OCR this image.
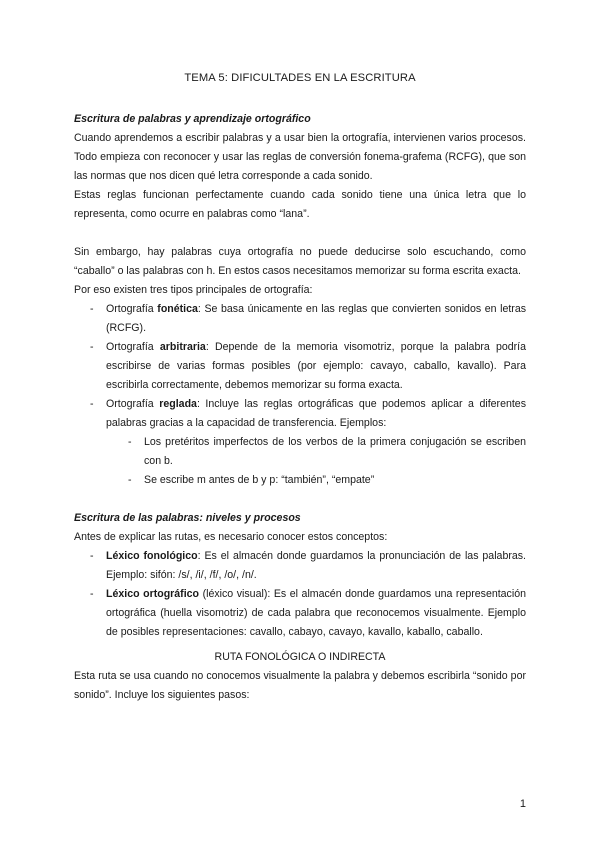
TEMA 5: DIFICULTADES EN LA ESCRITURA

Escritura de palabras y aprendizaje ortográfico

Cuando aprendemos a escribir palabras y a usar bien la ortografía, intervienen varios procesos. Todo empieza con reconocer y usar las reglas de conversión fonema-grafema (RCFG), que son las normas que nos dicen qué letra corresponde a cada sonido.

Estas reglas funcionan perfectamente cuando cada sonido tiene una única letra que lo representa, como ocurre en palabras como “lana”.

Sin embargo, hay palabras cuya ortografía no puede deducirse solo escuchando, como “caballo” o las palabras con h. En estos casos necesitamos memorizar su forma escrita exacta.

Por eso existen tres tipos principales de ortografía:

- Ortografía fonética: Se basa únicamente en las reglas que convierten sonidos en letras (RCFG).
- Ortografía arbitraria: Depende de la memoria visomotriz, porque la palabra podría escribirse de varias formas posibles (por ejemplo: cavayo, caballo, kavallo). Para escribirla correctamente, debemos memorizar su forma exacta.
- Ortografía reglada: Incluye las reglas ortográficas que podemos aplicar a diferentes palabras gracias a la capacidad de transferencia. Ejemplos:
- Los pretéritos imperfectos de los verbos de la primera conjugación se escriben con b.
- Se escribe m antes de b y p: “también”, “empate”

Escritura de las palabras: niveles y procesos

Antes de explicar las rutas, es necesario conocer estos conceptos:

- Léxico fonológico: Es el almacén donde guardamos la pronunciación de las palabras. Ejemplo: sifón: /s/, /i/, /f/, /o/, /n/.
- Léxico ortográfico (léxico visual): Es el almacén donde guardamos una representación ortográfica (huella visomotriz) de cada palabra que reconocemos visualmente. Ejemplo de posibles representaciones: cavallo, cabayo, cavayo, kavallo, kaballo, caballo.

RUTA FONOLÓGICA O INDIRECTA

Esta ruta se usa cuando no conocemos visualmente la palabra y debemos escribirla “sonido por sonido”. Incluye los siguientes pasos:

1
